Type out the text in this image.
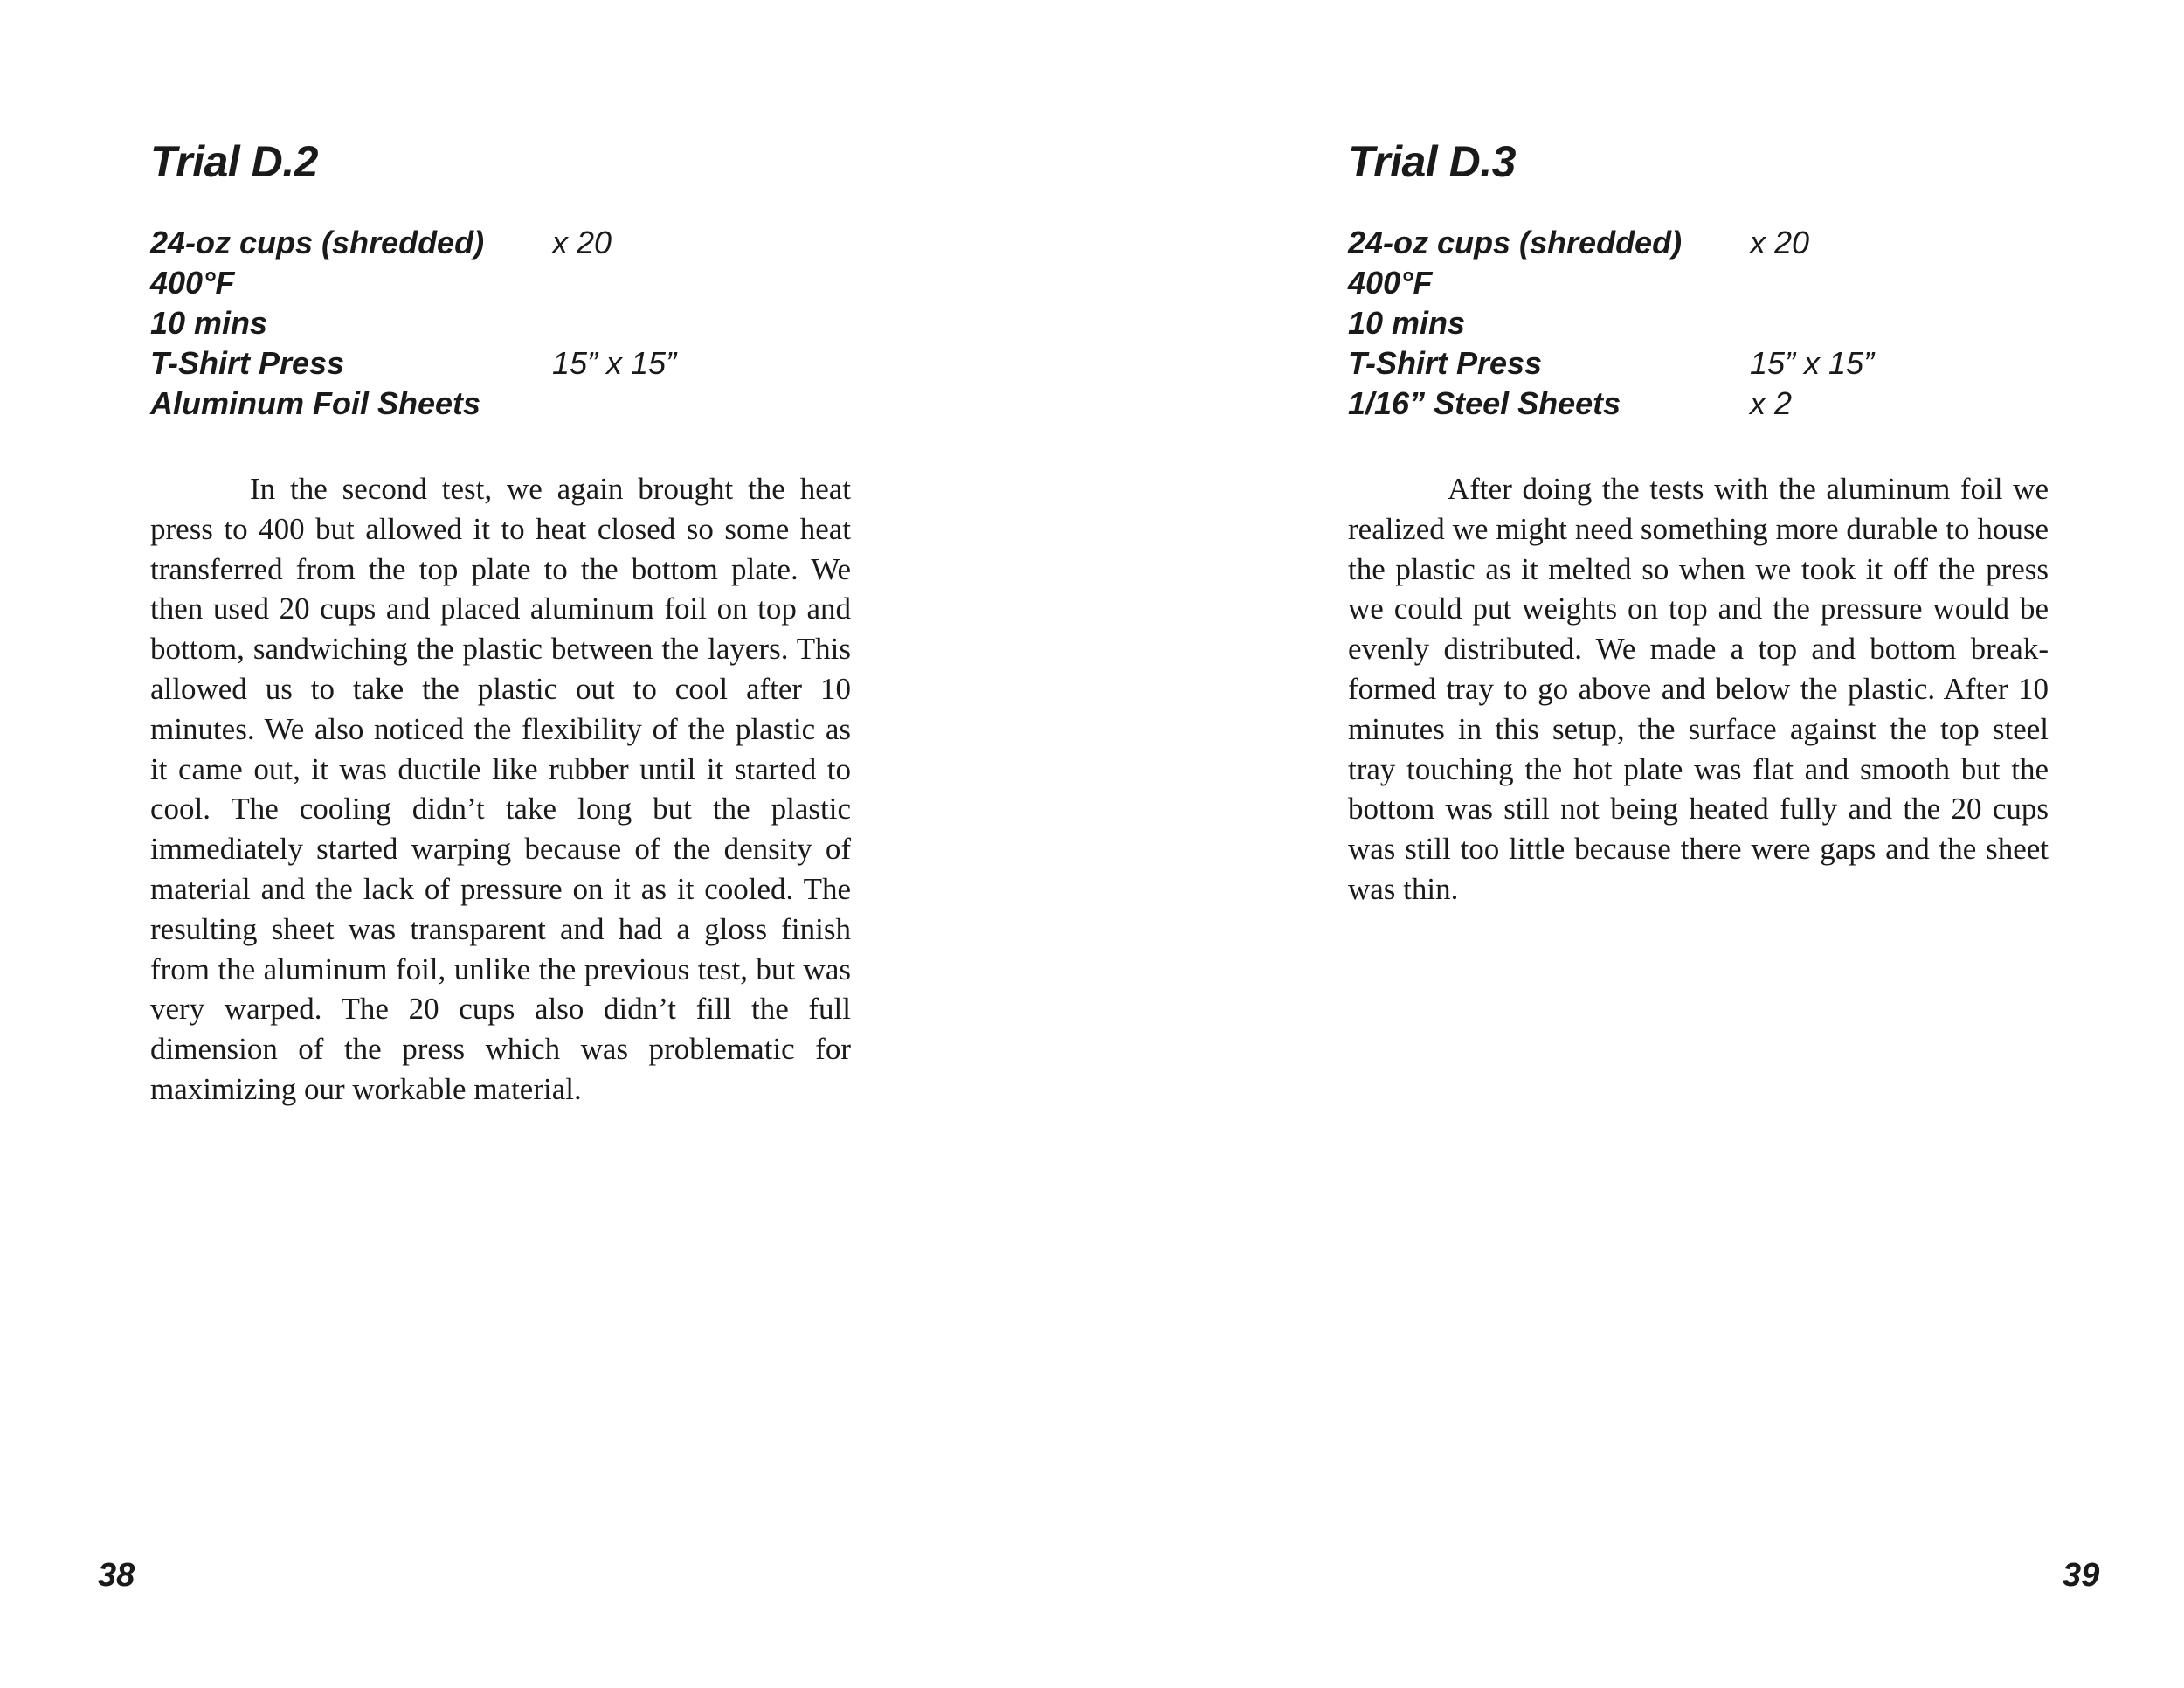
Trial D.2
24-oz cups (shredded)	x 20
400°F
10 mins
T-Shirt Press	15” x 15”
Aluminum Foil Sheets

In the second test, we again brought the heat press to 400 but allowed it to heat closed so some heat transferred from the top plate to the bottom plate. We then used 20 cups and placed aluminum foil on top and bottom, sandwiching the plastic between the layers. This allowed us to take the plastic out to cool after 10 minutes. We also noticed the flexibility of the plastic as it came out, it was ductile like rubber until it started to cool. The cooling didn’t take long but the plastic immediately started warping because of the density of material and the lack of pressure on it as it cooled. The resulting sheet was transparent and had a gloss finish from the aluminum foil, unlike the previous test, but was very warped. The 20 cups also didn’t fill the full dimension of the press which was problematic for maximizing our workable material.

38
Trial D.3
24-oz cups (shredded)	x 20
400°F
10 mins
T-Shirt Press	15” x 15”
1/16” Steel Sheets	x 2

After doing the tests with the aluminum foil we realized we might need something more durable to house the plastic as it melted so when we took it off the press we could put weights on top and the pressure would be evenly distributed. We made a top and bottom break-formed tray to go above and below the plastic. After 10 minutes in this setup, the surface against the top steel tray touching the hot plate was flat and smooth but the bottom was still not being heated fully and the 20 cups was still too little because there were gaps and the sheet was thin.

39
